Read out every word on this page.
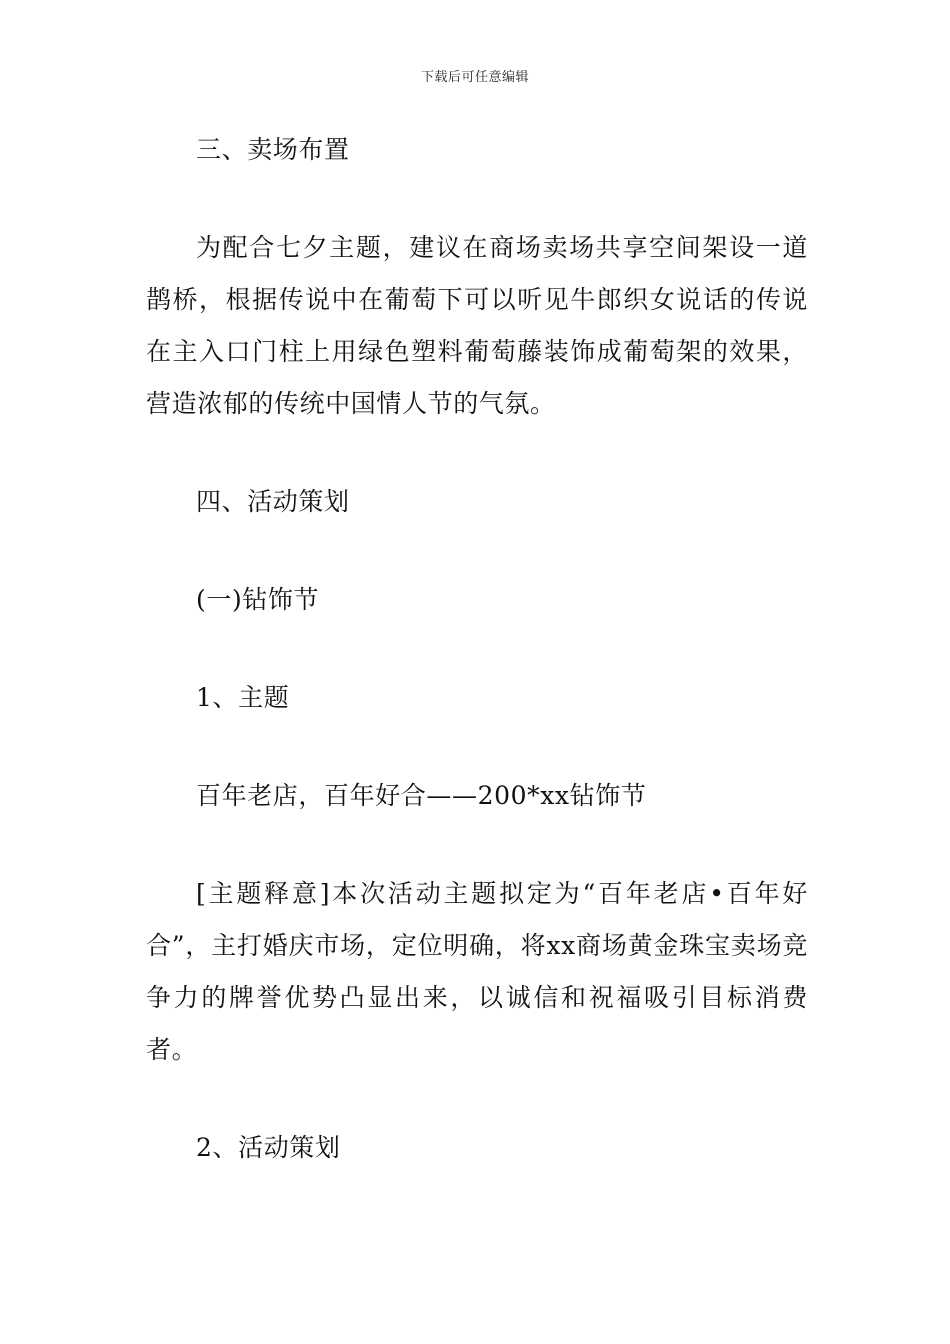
下载后可任意编辑

三、卖场布置

为配合七夕主题，建议在商场卖场共享空间架设一道鹊桥，根据传说中在葡萄下可以听见牛郎织女说话的传说在主入口门柱上用绿色塑料葡萄藤装饰成葡萄架的效果，营造浓郁的传统中国情人节的气氛。

四、活动策划

(一)钻饰节

1、主题

百年老店，百年好合——200*xx钻饰节

[主题释意]本次活动主题拟定为“百年老店•百年好合”，主打婚庆市场，定位明确，将xx商场黄金珠宝卖场竞争力的牌誉优势凸显出来，以诚信和祝福吸引目标消费者。

2、活动策划
